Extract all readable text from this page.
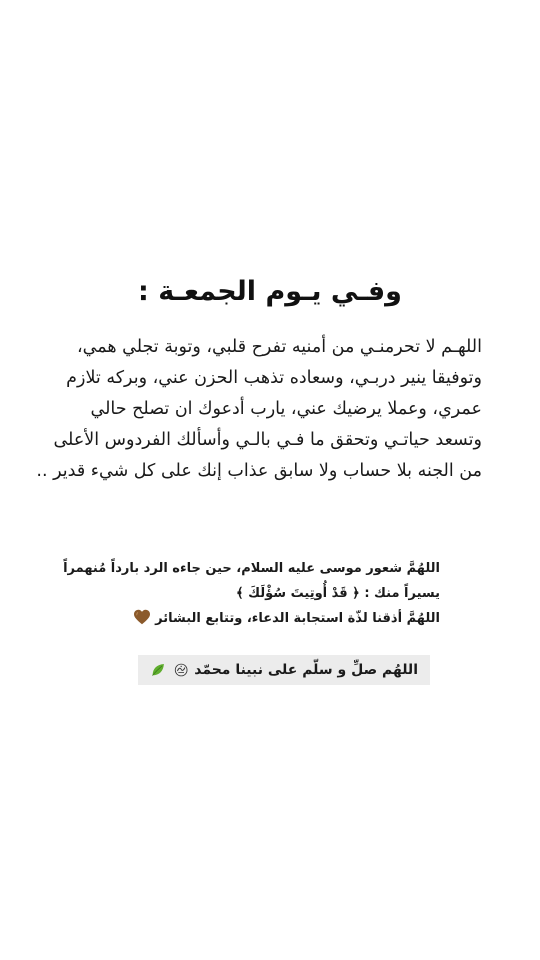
وفـي يـوم الجمعـة :
اللهـم لا تحرمنـي من أمنيه تفرح قلبي، وتوبة تجلي همي،
وتوفيقا ينير دربـي، وسعاده تذهب الحزن عني، وبركه تلازم
عمري، وعملا يرضيك عني، يارب أدعوك ان تصلح حالي
وتسعد حياتـي وتحقق ما فـي بالـي وأسألك الفردوس الأعلى
من الجنه بلا حساب ولا سابق عذاب إنك على كل شيء قدير ..
اللهُمَّ شعور موسى عليه السلام، حين جاءه الرد بارداً مُنهمراً
يسيراً منك : ﴿ قَدْ أُوتِيتَ سُؤْلَكَ ﴾
اللهُمَّ أذقنا لذّة استجابة الدعاء، وتتابع البشائر
اللهُم صلِّ و سلّم على نبينا محمّد
